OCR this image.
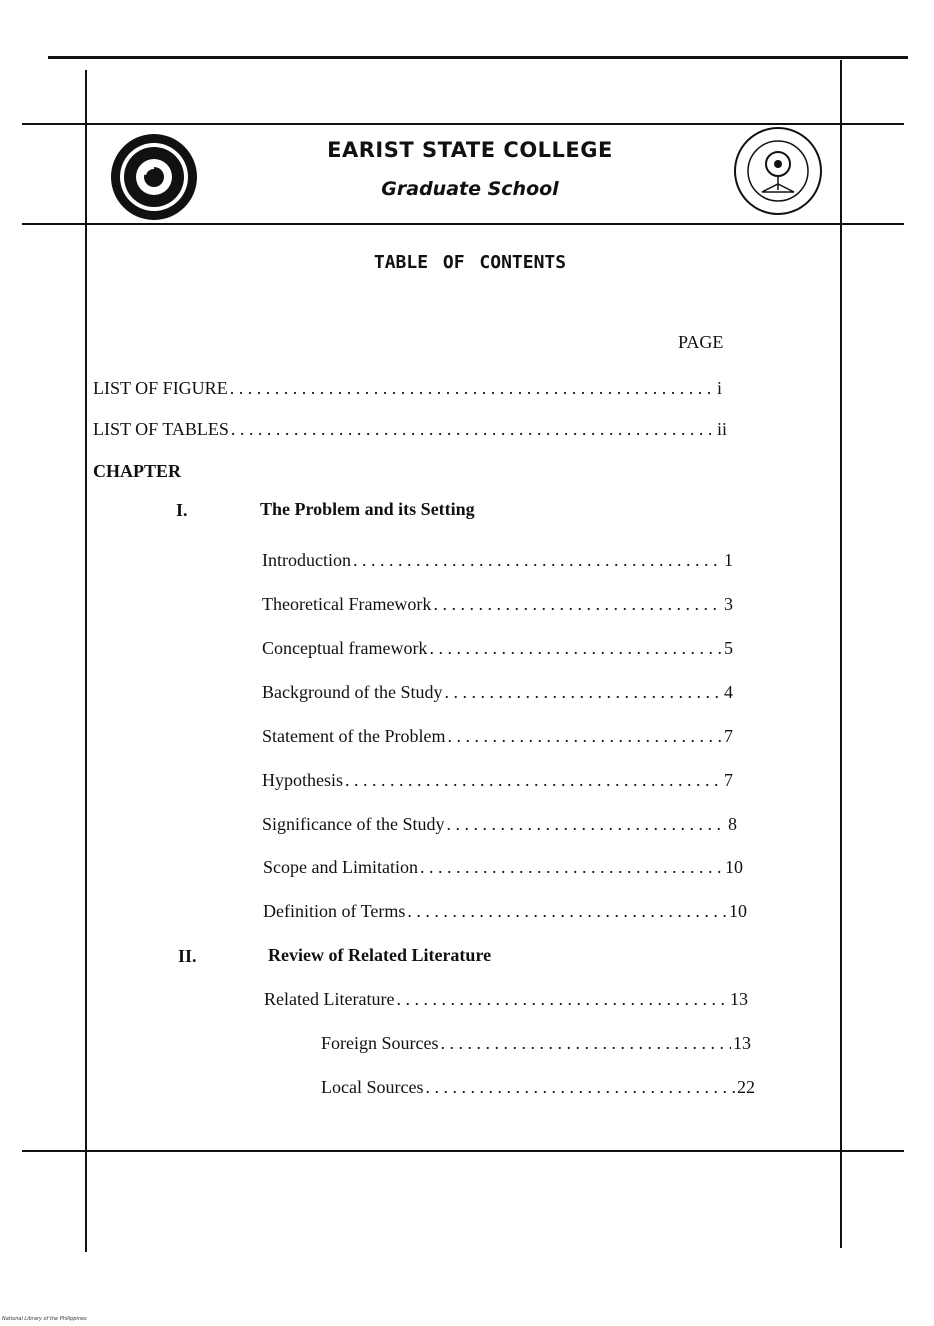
EARIST STATE COLLEGE
Graduate School
TABLE OF CONTENTS
PAGE
LIST OF FIGURE . . .	i
LIST OF TABLES . . .	ii
CHAPTER
I.	The Problem and its Setting
Introduction . . .	1
Theoretical Framework . . .	3
Conceptual framework . . .	5
Background of the Study . . .	4
Statement of the Problem . . .	7
Hypothesis . . .	7
Significance of the Study . . .	8
Scope and Limitation . . .	10
Definition of Terms . . .	10
II.	Review of Related Literature
Related Literature . . .	13
Foreign Sources . . .	13
Local Sources . . .	22
National Library of the Philippines
